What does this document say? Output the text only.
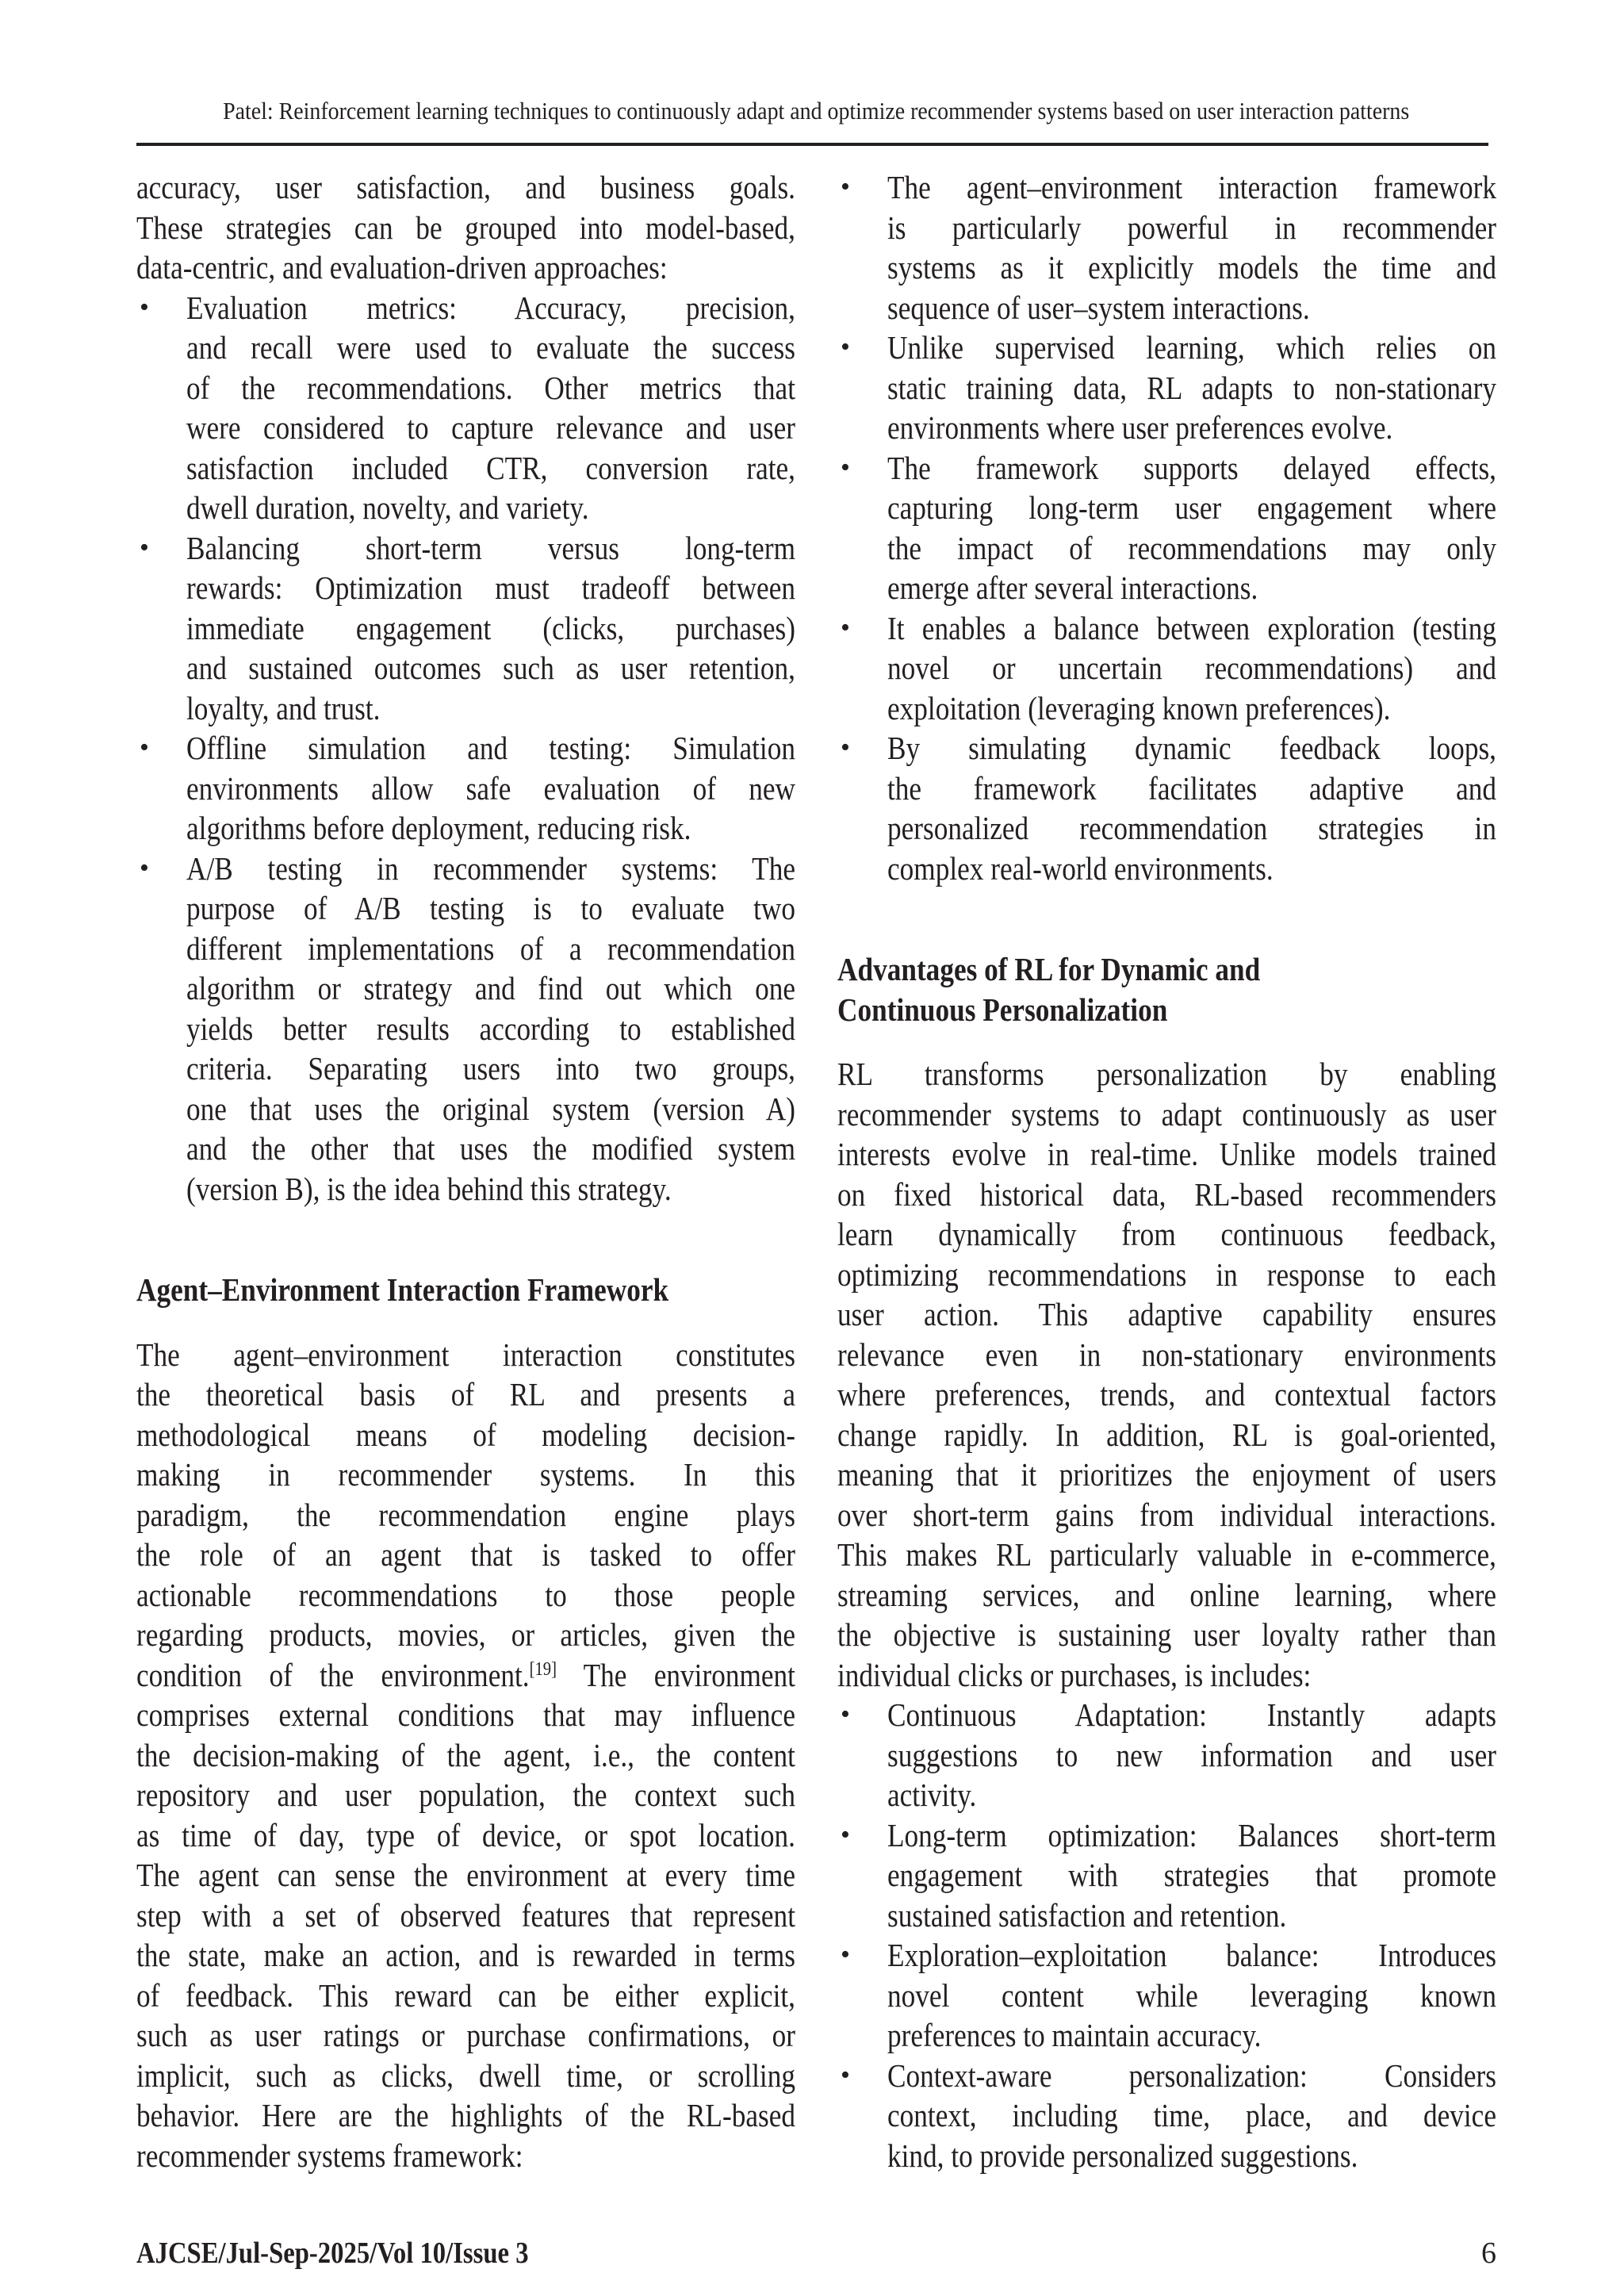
Patel: Reinforcement learning techniques to continuously adapt and optimize recommender systems based on user interaction patterns
accuracy, user satisfaction, and business goals.
These strategies can be grouped into model-based,
data-centric, and evaluation-driven approaches:
• Evaluation metrics: Accuracy, precision,
and recall were used to evaluate the success
of the recommendations. Other metrics that
were considered to capture relevance and user
satisfaction included CTR, conversion rate,
dwell duration, novelty, and variety.
• Balancing short-term versus long-term
rewards: Optimization must tradeoff between
immediate engagement (clicks, purchases)
and sustained outcomes such as user retention,
loyalty, and trust.
• Offline simulation and testing: Simulation
environments allow safe evaluation of new
algorithms before deployment, reducing risk.
• A/B testing in recommender systems: The
purpose of A/B testing is to evaluate two
different implementations of a recommendation
algorithm or strategy and find out which one
yields better results according to established
criteria. Separating users into two groups,
one that uses the original system (version A)
and the other that uses the modified system
(version B), is the idea behind this strategy.
Agent–Environment Interaction Framework
The agent–environment interaction constitutes
the theoretical basis of RL and presents a
methodological means of modeling decision-
making in recommender systems. In this
paradigm, the recommendation engine plays
the role of an agent that is tasked to offer
actionable recommendations to those people
regarding products, movies, or articles, given the
condition of the environment.[19] The environment
comprises external conditions that may influence
the decision-making of the agent, i.e., the content
repository and user population, the context such
as time of day, type of device, or spot location.
The agent can sense the environment at every time
step with a set of observed features that represent
the state, make an action, and is rewarded in terms
of feedback. This reward can be either explicit,
such as user ratings or purchase confirmations, or
implicit, such as clicks, dwell time, or scrolling
behavior. Here are the highlights of the RL-based
recommender systems framework:
• The agent–environment interaction framework
is particularly powerful in recommender
systems as it explicitly models the time and
sequence of user–system interactions.
• Unlike supervised learning, which relies on
static training data, RL adapts to non-stationary
environments where user preferences evolve.
• The framework supports delayed effects,
capturing long-term user engagement where
the impact of recommendations may only
emerge after several interactions.
• It enables a balance between exploration (testing
novel or uncertain recommendations) and
exploitation (leveraging known preferences).
• By simulating dynamic feedback loops,
the framework facilitates adaptive and
personalized recommendation strategies in
complex real-world environments.
Advantages of RL for Dynamic and
Continuous Personalization
RL transforms personalization by enabling
recommender systems to adapt continuously as user
interests evolve in real-time. Unlike models trained
on fixed historical data, RL-based recommenders
learn dynamically from continuous feedback,
optimizing recommendations in response to each
user action. This adaptive capability ensures
relevance even in non-stationary environments
where preferences, trends, and contextual factors
change rapidly. In addition, RL is goal-oriented,
meaning that it prioritizes the enjoyment of users
over short-term gains from individual interactions.
This makes RL particularly valuable in e-commerce,
streaming services, and online learning, where
the objective is sustaining user loyalty rather than
individual clicks or purchases, is includes:
• Continuous Adaptation: Instantly adapts
suggestions to new information and user
activity.
• Long-term optimization: Balances short-term
engagement with strategies that promote
sustained satisfaction and retention.
• Exploration–exploitation balance: Introduces
novel content while leveraging known
preferences to maintain accuracy.
• Context-aware personalization: Considers
context, including time, place, and device
kind, to provide personalized suggestions.
AJCSE/Jul-Sep-2025/Vol 10/Issue 3	6
